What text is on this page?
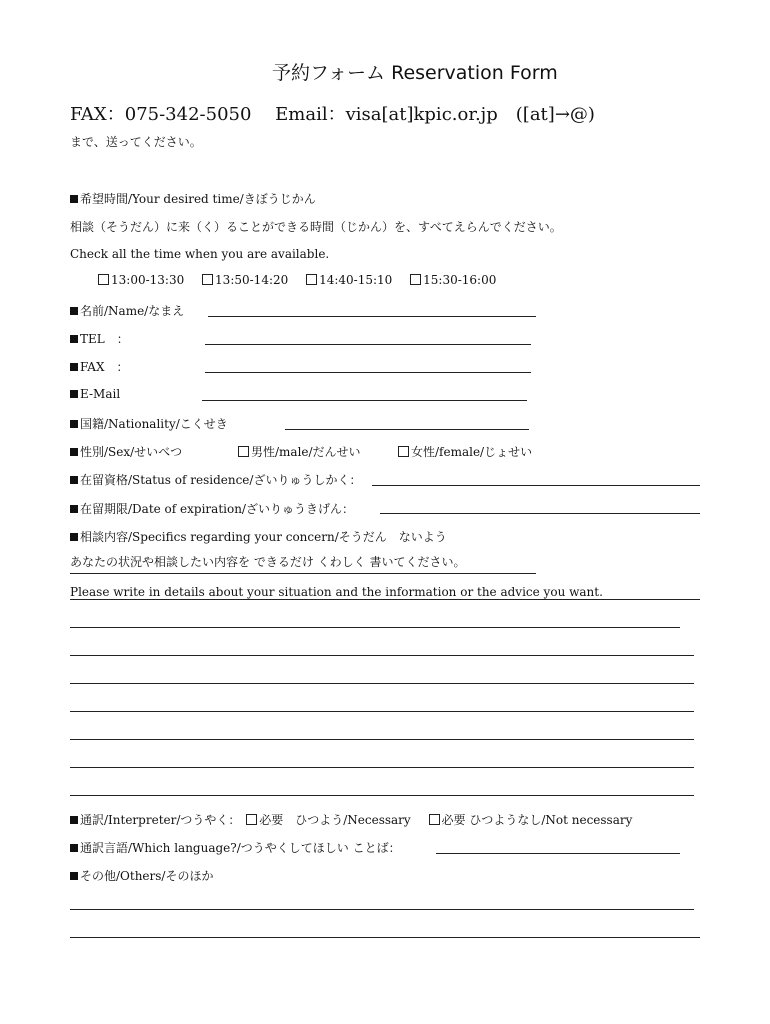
予約フォーム Reservation Form
FAX：075-342-5050　 Email：visa[at]kpic.or.jp　([at]→@)
まで、送ってください。
希望時間/Your desired time/きぼうじかん
相談（そうだん）に来（く）ることができる時間（じかん）を、すべてえらんでください。
Check all the time when you are available.
13:00-13:30	13:50-14:20	14:40-15:10	15:30-16:00
名前/Name/なまえ
TEL　：
FAX　：
E-Mail
国籍/Nationality/こくせき
性別/Sex/せいべつ	男性/male/だんせい	女性/female/じょせい
在留資格/Status of residence/ざいりゅうしかく：
在留期限/Date of expiration/ざいりゅうきげん：
相談内容/Specifics regarding your concern/そうだん　ないよう
あなたの状況や相談したい内容を できるだけ くわしく 書いてください。
Please write in details about your situation and the information or the advice you want.
通訳/Interpreter/つうやく： 必要　ひつよう/Necessary	必要 ひつようなし/Not necessary
通訳言語/Which language?/つうやくしてほしい ことば：
その他/Others/そのほか
